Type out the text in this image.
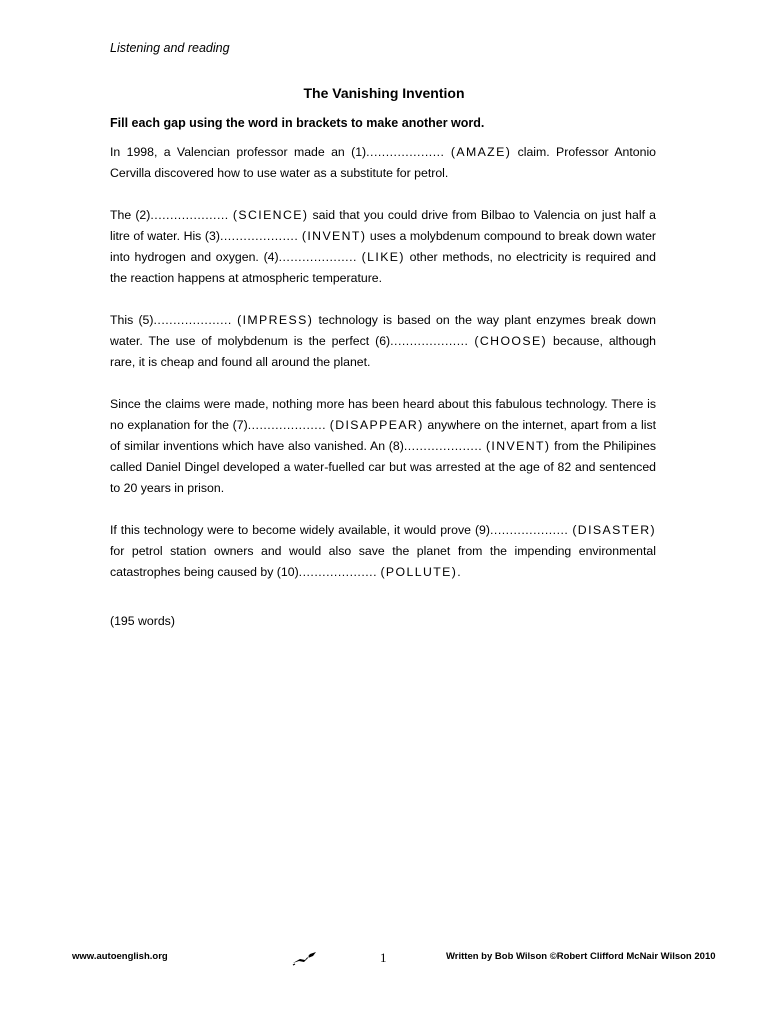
Listening and reading
The Vanishing Invention
Fill each gap using the word in brackets to make another word.

In 1998, a Valencian professor made an (1).................... (AMAZE) claim. Professor Antonio Cervilla discovered how to use water as a substitute for petrol.

The (2).................... (SCIENCE) said that you could drive from Bilbao to Valencia on just half a litre of water. His (3).................... (INVENT) uses a molybdenum compound to break down water into hydrogen and oxygen. (4).................... (LIKE) other methods, no electricity is required and the reaction happens at atmospheric temperature.

This (5).................... (IMPRESS) technology is based on the way plant enzymes break down water. The use of molybdenum is the perfect (6).................... (CHOOSE) because, although rare, it is cheap and found all around the planet.

Since the claims were made, nothing more has been heard about this fabulous technology. There is no explanation for the (7).................... (DISAPPEAR) anywhere on the internet, apart from a list of similar inventions which have also vanished. An (8).................... (INVENT) from the Philipines called Daniel Dingel developed a water-fuelled car but was arrested at the age of 82 and sentenced to 20 years in prison.

If this technology were to become widely available, it would prove (9).................... (DISASTER) for petrol station owners and would also save the planet from the impending environmental catastrophes being caused by (10).................... (POLLUTE).

(195 words)
www.autoenglish.org	1	Written by Bob Wilson ©Robert Clifford McNair Wilson 2010
